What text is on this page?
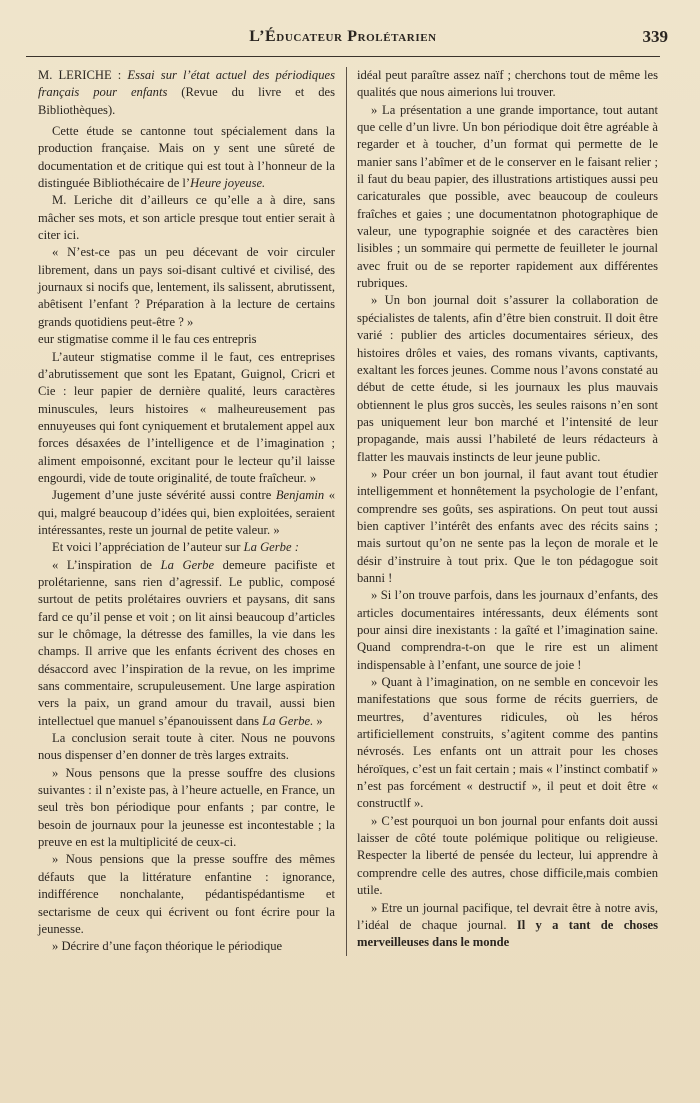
L’Éducateur Prolétarien	339

M. LERICHE : Essai sur l’état actuel des périodiques français pour enfants (Revue du livre et des Bibliothèques).

Cette étude se cantonne tout spécialement dans la production française. Mais on y sent une sûreté de documentation et de critique qui est tout à l’honneur de la distinguée Bibliothécaire de l’Heure joyeuse.

M. Leriche dit d’ailleurs ce qu’elle a à dire, sans mâcher ses mots, et son article presque tout entier serait à citer ici.

« N’est-ce pas un peu décevant de voir circuler librement, dans un pays soi-disant cultivé et civilisé, des journaux si nocifs que, lentement, ils salissent, abrutissent, abêtisent l’enfant ? Préparation à la lecture de certains grands quotidiens peut-être ? »

eur stigmatise comme il le fau ces entrepris

L’auteur stigmatise comme il le faut, ces entreprises d’abrutissement que sont les Epatant, Guignol, Cricri et Cie : leur papier de dernière qualité, leurs caractères minuscules, leurs histoires « malheureusement pas ennuyeuses qui font cyniquement et brutalement appel aux forces désaxées de l’intelligence et de l’imagination ; aliment empoisonné, excitant pour le lecteur qu’il laisse engourdi, vide de toute originalité, de toute fraîcheur. »

Jugement d’une juste sévérité aussi contre Benjamin « qui, malgré beaucoup d’idées qui, bien exploitées, seraient intéressantes, reste un journal de petite valeur. »

Et voici l’appréciation de l’auteur sur La Gerbe :

« L’inspiration de La Gerbe demeure pacifiste et prolétarienne, sans rien d’agressif. Le public, composé surtout de petits prolétaires ouvriers et paysans, dit sans fard ce qu’il pense et voit ; on lit ainsi beaucoup d’articles sur le chômage, la détresse des familles, la vie dans les champs. Il arrive que les enfants écrivent des choses en désaccord avec l’inspiration de la revue, on les imprime sans commentaire, scrupuleusement. Une large aspiration vers la paix, un grand amour du travail, aussi bien intellectuel que manuel s’épanouissent dans La Gerbe. »

La conclusion serait toute à citer. Nous ne pouvons nous dispenser d’en donner de très larges extraits.

» Nous pensons que la presse souffre des clusions suivantes : il n’existe pas, à l’heure actuelle, en France, un seul très bon périodique pour enfants ; par contre, le besoin de journaux pour la jeunesse est incontestable ; la preuve en est la multiplicité de ceux-ci.

» Nous pensions que la presse souffre des mêmes défauts que la littérature enfantine : ignorance, indifférence nonchalante, pédantispédantisme et sectarisme de ceux qui écrivent ou font écrire pour la jeunesse.

» Décrire d’une façon théorique le périodique

idéal peut paraître assez naïf ; cherchons tout de même les qualités que nous aimerions lui trouver.

» La présentation a une grande importance, tout autant que celle d’un livre. Un bon périodique doit être agréable à regarder et à toucher, d’un format qui permette de le manier sans l’abîmer et de le conserver en le faisant relier ; il faut du beau papier, des illustrations artistiques aussi peu caricaturales que possible, avec beaucoup de couleurs fraîches et gaies ; une documentatnon photographique de valeur, une typographie soignée et des caractères bien lisibles ; un sommaire qui permette de feuilleter le journal avec fruit ou de se reporter rapidement aux différentes rubriques.

» Un bon journal doit s’assurer la collaboration de spécialistes de talents, afin d’être bien construit. Il doit être varié : publier des articles documentaires sérieux, des histoires drôles et vaies, des romans vivants, captivants, exaltant les forces jeunes. Comme nous l’avons constaté au début de cette étude, si les journaux les plus mauvais obtiennent le plus gros succès, les seules raisons n’en sont pas uniquement leur bon marché et l’intensité de leur propagande, mais aussi l’habileté de leurs rédacteurs à flatter les mauvais instincts de leur jeune public.

» Pour créer un bon journal, il faut avant tout étudier intelligemment et honnêtement la psychologie de l’enfant, comprendre ses goûts, ses aspirations. On peut tout aussi bien captiver l’intérêt des enfants avec des récits sains ; mais surtout qu’on ne sente pas la leçon de morale et le désir d’instruire à tout prix. Que le ton pédagogue soit banni !

» Si l’on trouve parfois, dans les journaux d’enfants, des articles documentaires intéressants, deux éléments sont pour ainsi dire inexistants : la gaîté et l’imagination saine. Quand comprendra-t-on que le rire est un aliment indispensable à l’enfant, une source de joie !

» Quant à l’imagination, on ne semble en concevoir les manifestations que sous forme de récits guerriers, de meurtres, d’aventures ridicules, où les héros artificiellement construits, s’agitent comme des pantins névrosés. Les enfants ont un attrait pour les choses héroïques, c’est un fait certain ; mais « l’instinct combatif » n’est pas forcément « destructif », il peut et doit être « constructlf ».

» C’est pourquoi un bon journal pour enfants doit aussi laisser de côté toute polémique politique ou religieuse. Respecter la liberté de pensée du lecteur, lui apprendre à comprendre celle des autres, chose difficile,mais combien utile.

» Etre un journal pacifique, tel devrait être à notre avis, l’idéal de chaque journal. Il y a tant de choses merveilleuses dans le monde
